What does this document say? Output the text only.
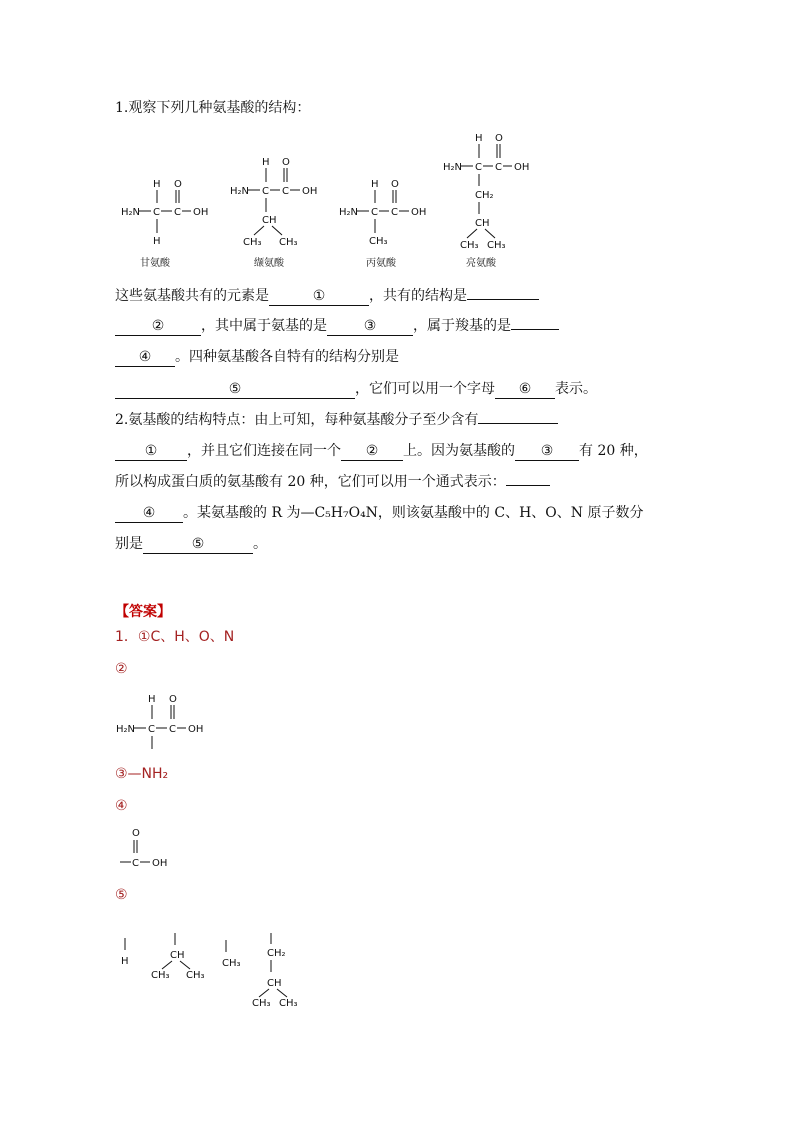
1.观察下列几种氨基酸的结构：
H O
H₂N C C OH
H
甘氨酸
H O
H₂N C C OH
CH
CH₃ CH₃
缬氨酸
H O
H₂N C C OH
CH₃
丙氨酸
H O
H₂N C C OH
CH₂
CH
CH₃ CH₃
亮氨酸
这些氨基酸共有的元素是	①	，共有的结构是
②	，其中属于氨基的是	③	，属于羧基的是
④ 。四种氨基酸各自特有的结构分别是
⑤	，它们可以用一个字母 ⑥ 表示。
2.氨基酸的结构特点：由上可知，每种氨基酸分子至少含有
① ，并且它们连接在同一个 ② 上。因为氨基酸的 ③ 有 20 种，
所以构成蛋白质的氨基酸有 20 种，它们可以用一个通式表示：
④ 。某氨基酸的 R 为—C₅H₇O₄N，则该氨基酸中的 C、H、O、N 原子数分
别是	⑤	。
【答案】
1．①C、H、O、N
②
H O
H₂N C C OH
③—NH₂
④
O
C OH
⑤
H
CH
CH₃ CH₃
CH₃
CH₂
CH
CH₃ CH₃
